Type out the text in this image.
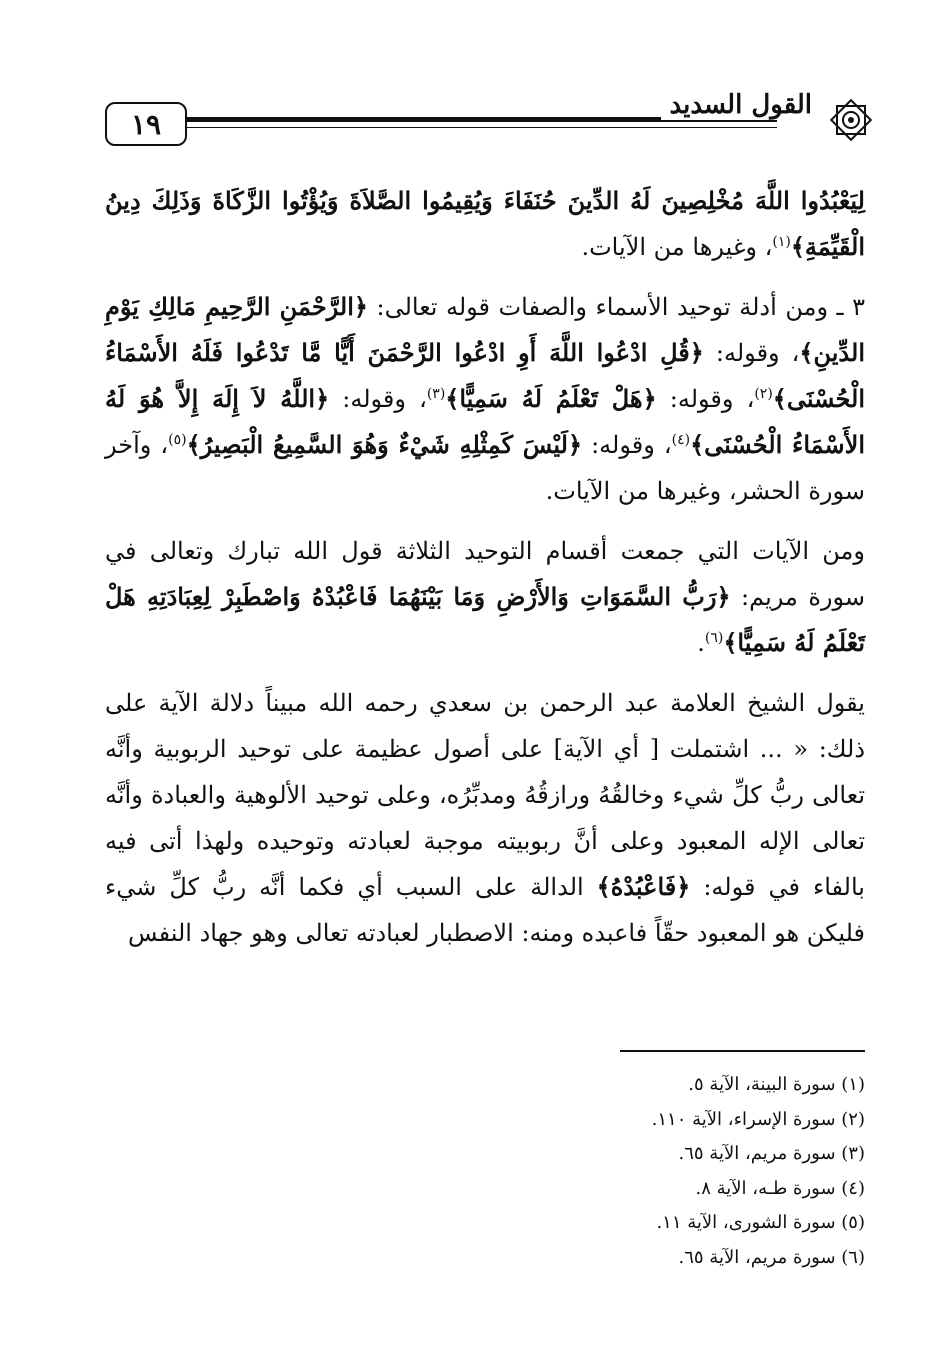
١٩
القول السديد

لِيَعْبُدُوا اللَّهَ مُخْلِصِينَ لَهُ الدِّينَ حُنَفَاءَ وَيُقِيمُوا الصَّلاَةَ وَيُؤْتُوا الزَّكَاةَ وَذَلِكَ دِينُ الْقَيِّمَةِ﴾$^{(١)}$، وغيرها من الآيات.

٣ ـ ومن أدلة توحيد الأسماء والصفات قوله تعالى: ﴿الرَّحْمَنِ الرَّحِيمِ مَالِكِ يَوْمِ الدِّينِ﴾، وقوله: ﴿قُلِ ادْعُوا اللَّهَ أَوِ ادْعُوا الرَّحْمَنَ أَيًّا مَّا تَدْعُوا فَلَهُ الأَسْمَاءُ الْحُسْنَى﴾$^{(٢)}$، وقوله: ﴿هَلْ تَعْلَمُ لَهُ سَمِيًّا﴾$^{(٣)}$، وقوله: ﴿اللَّهُ لاَ إِلَهَ إِلاَّ هُوَ لَهُ الأَسْمَاءُ الْحُسْنَى﴾$^{(٤)}$، وقوله: ﴿لَيْسَ كَمِثْلِهِ شَيْءٌ وَهُوَ السَّمِيعُ الْبَصِيرُ﴾$^{(٥)}$، وآخر سورة الحشر، وغيرها من الآيات.

ومن الآيات التي جمعت أقسام التوحيد الثلاثة قول الله تبارك وتعالى في سورة مريم: ﴿رَبُّ السَّمَوَاتِ وَالأَرْضِ وَمَا بَيْنَهُمَا فَاعْبُدْهُ وَاصْطَبِرْ لِعِبَادَتِهِ هَلْ تَعْلَمُ لَهُ سَمِيًّا﴾$^{(٦)}$.

يقول الشيخ العلامة عبد الرحمن بن سعدي رحمه الله مبيناً دلالة الآية على ذلك: « ... اشتملت [ أي الآية] على أصول عظيمة على توحيد الربوبية وأنَّه تعالى ربُّ كلِّ شيء وخالقُهُ ورازقُهُ ومدبِّرُه، وعلى توحيد الألوهية والعبادة وأنَّه تعالى الإله المعبود وعلى أنَّ ربوبيته موجبة لعبادته وتوحيده ولهذا أتى فيه بالفاء في قوله: ﴿فَاعْبُدْهُ﴾ الدالة على السبب أي فكما أنَّه ربُّ كلِّ شيء فليكن هو المعبود حقّاً فاعبده ومنه: الاصطبار لعبادته تعالى وهو جهاد النفس

(١) سورة البينة، الآية ٥.
(٢) سورة الإسراء، الآية ١١٠.
(٣) سورة مريم، الآية ٦٥.
(٤) سورة طـه، الآية ٨.
(٥) سورة الشورى، الآية ١١.
(٦) سورة مريم، الآية ٦٥.
